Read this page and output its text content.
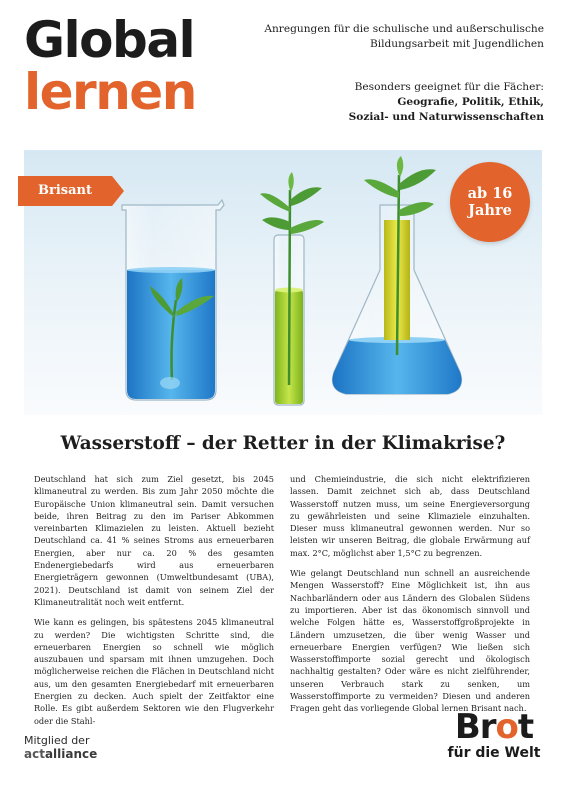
Global
lernen
Anregungen für die schulische und außerschulische
Bildungsarbeit mit Jugendlichen
Besonders geeignet für die Fächer:
Geografie, Politik, Ethik,
Sozial- und Naturwissenschaften
Brisant	ab 16
Jahre
Wasserstoff – der Retter in der Klimakrise?

Deutschland hat sich zum Ziel gesetzt, bis 2045 klimaneutral zu werden. Bis zum Jahr 2050 möchte die Europäische Union klimaneutral sein. Damit versuchen beide, ihren Beitrag zu den im Pariser Abkommen vereinbarten Klimazielen zu leisten. Aktuell bezieht Deutschland ca. 41 % seines Stroms aus erneuerbaren Energien, aber nur ca. 20 % des gesamten Endenergiebedarfs wird aus erneuerbaren Energieträgern gewonnen (Umweltbundesamt (UBA), 2021). Deutschland ist damit von seinem Ziel der Klimaneutralität noch weit entfernt.

Wie kann es gelingen, bis spätestens 2045 klimaneutral zu werden? Die wichtigsten Schritte sind, die erneuerbaren Energien so schnell wie möglich auszubauen und sparsam mit ihnen umzugehen. Doch möglicherweise reichen die Flächen in Deutschland nicht aus, um den gesamten Energiebedarf mit erneuerbaren Energien zu decken. Auch spielt der Zeitfaktor eine Rolle. Es gibt außerdem Sektoren wie den Flugverkehr oder die Stahl-

und Chemieindustrie, die sich nicht elektrifizieren lassen. Damit zeichnet sich ab, dass Deutschland Wasserstoff nutzen muss, um seine Energieversorgung zu gewährleisten und seine Klimaziele einzuhalten. Dieser muss klimaneutral gewonnen werden. Nur so leisten wir unseren Beitrag, die globale Erwärmung auf max. 2°C, möglichst aber 1,5°C zu begrenzen.

Wie gelangt Deutschland nun schnell an ausreichende Mengen Wasserstoff? Eine Möglichkeit ist, ihn aus Nachbarländern oder aus Ländern des Globalen Südens zu importieren. Aber ist das ökonomisch sinnvoll und welche Folgen hätte es, Wasserstoffgroßprojekte in Ländern umzusetzen, die über wenig Wasser und erneuerbare Energien verfügen? Wie ließen sich Wasserstoffimporte sozial gerecht und ökologisch nachhaltig gestalten? Oder wäre es nicht zielführender, unseren Verbrauch stark zu senken, um Wasserstoffimporte zu vermeiden? Diesen und anderen Fragen geht das vorliegende Global lernen Brisant nach.

Mitglied der
actalliance
Brot
für die Welt
